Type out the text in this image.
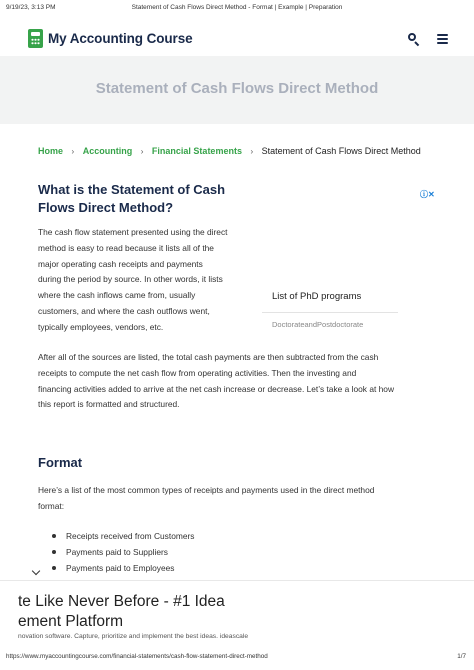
9/19/23, 3:13 PM	Statement of Cash Flows Direct Method - Format | Example | Preparation
My Accounting Course
Statement of Cash Flows Direct Method
Home › Accounting › Financial Statements › Statement of Cash Flows Direct Method
What is the Statement of Cash
Flows Direct Method?
ⓘ✕
The cash flow statement presented using the direct
method is easy to read because it lists all of the
major operating cash receipts and payments
during the period by source. In other words, it lists
where the cash inflows came from, usually
customers, and where the cash outflows went,
typically employees, vendors, etc.
List of PhD programs
DoctorateandPostdoctorate
After all of the sources are listed, the total cash payments are then subtracted from the cash
receipts to compute the net cash flow from operating activities. Then the investing and
financing activities added to arrive at the net cash increase or decrease. Let’s take a look at how
this report is formatted and structured.
Format
Here’s a list of the most common types of receipts and payments used in the direct method
format:
Receipts received from Customers
Payments paid to Suppliers
Payments paid to Employees
te Like Never Before - #1 Idea
ement Platform
novation software. Capture, prioritize and implement the best ideas. ideascale
https://www.myaccountingcourse.com/financial-statements/cash-flow-statement-direct-method	1/7
